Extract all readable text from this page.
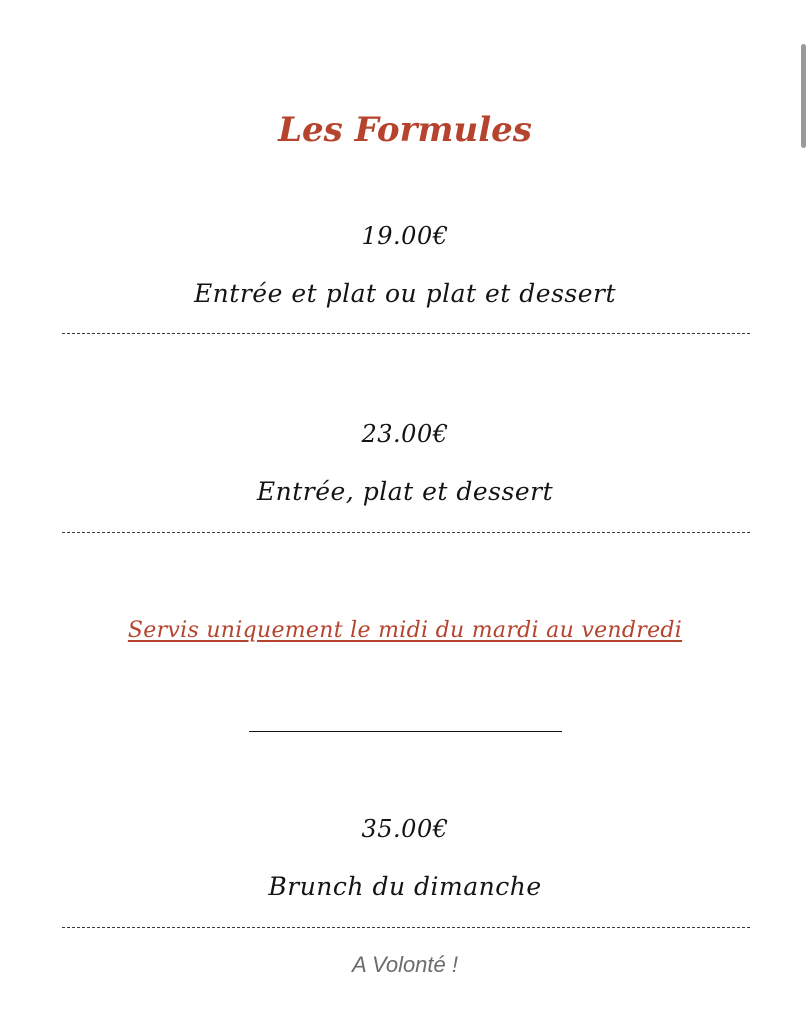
Les Formules
19.00€
Entrée et plat ou plat et dessert
23.00€
Entrée, plat et dessert
Servis uniquement le midi du mardi au vendredi
35.00€
Brunch du dimanche
A Volonté !
